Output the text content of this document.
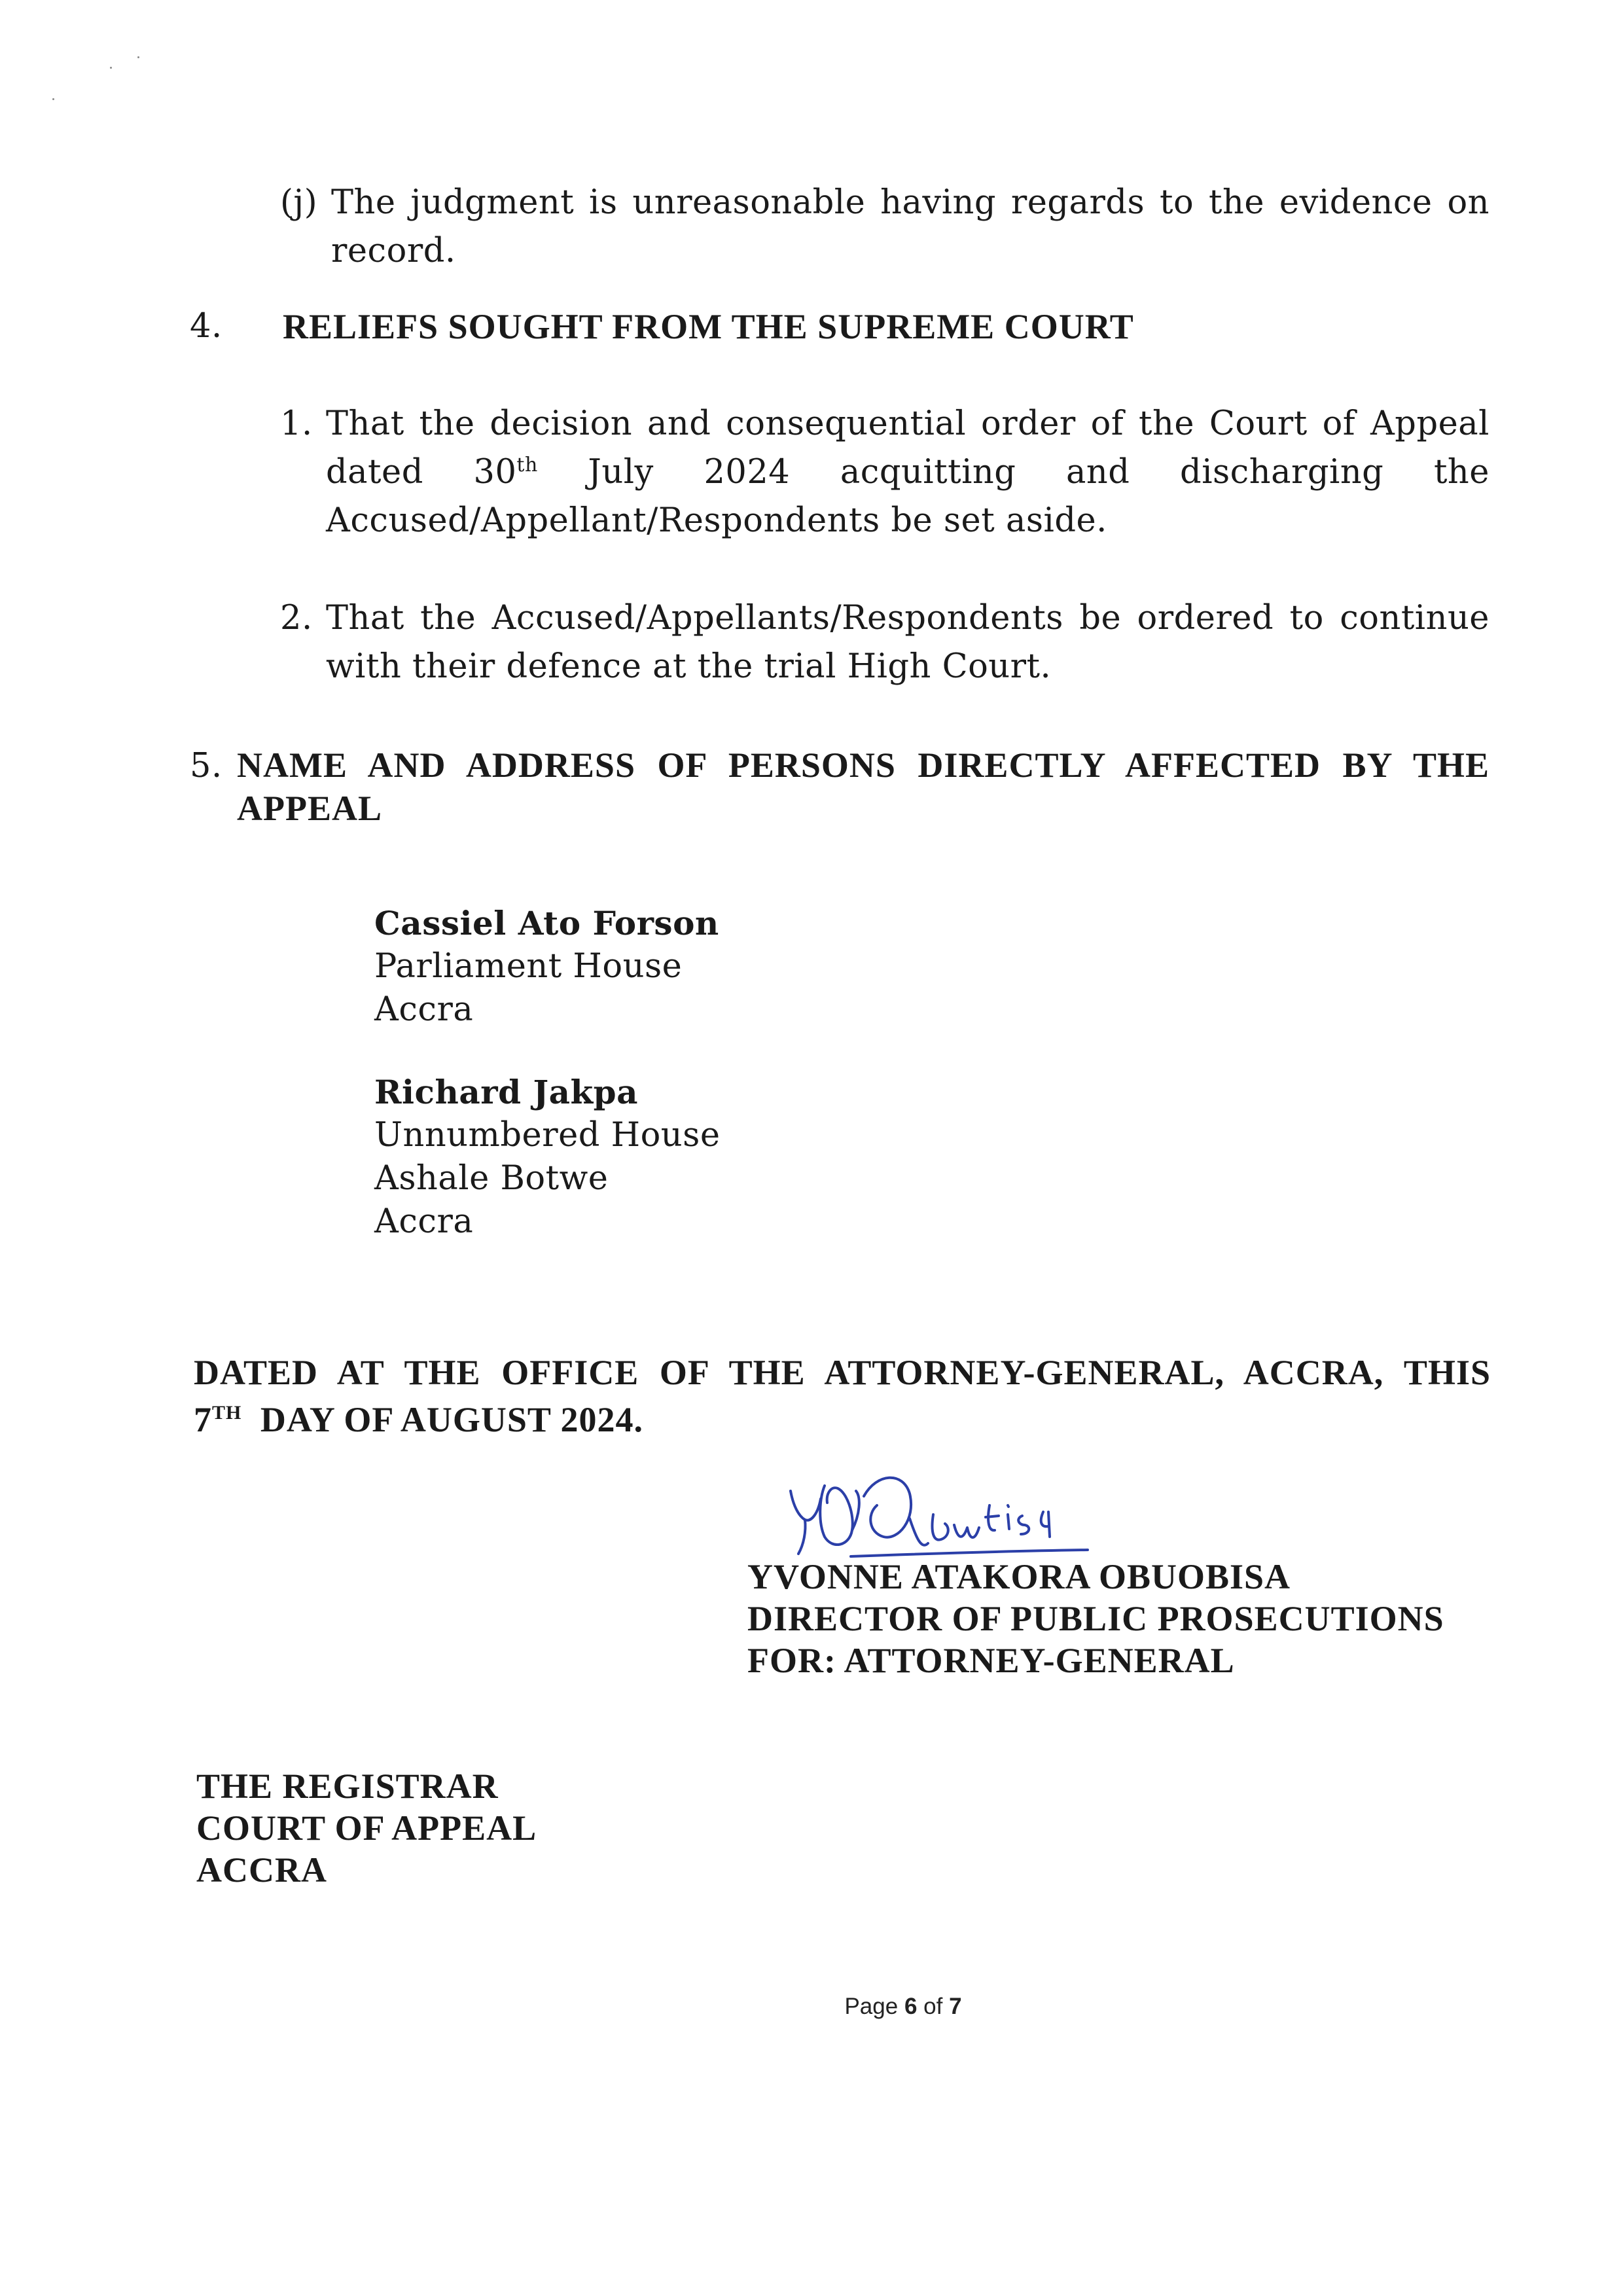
(j) The judgment is unreasonable having regards to the evidence on
record.
4. RELIEFS SOUGHT FROM THE SUPREME COURT
1. That the decision and consequential order of the Court of Appeal
dated 30th July 2024 acquitting and discharging the
Accused/Appellant/Respondents be set aside.
2. That the Accused/Appellants/Respondents be ordered to continue
with their defence at the trial High Court.
5. NAME AND ADDRESS OF PERSONS DIRECTLY AFFECTED BY THE
APPEAL
Cassiel Ato Forson
Parliament House
Accra
Richard Jakpa
Unnumbered House
Ashale Botwe
Accra
DATED AT THE OFFICE OF THE ATTORNEY-GENERAL, ACCRA, THIS
7TH DAY OF AUGUST 2024.
YVONNE ATAKORA OBUOBISA
DIRECTOR OF PUBLIC PROSECUTIONS
FOR: ATTORNEY-GENERAL
THE REGISTRAR
COURT OF APPEAL
ACCRA
Page 6 of 7
